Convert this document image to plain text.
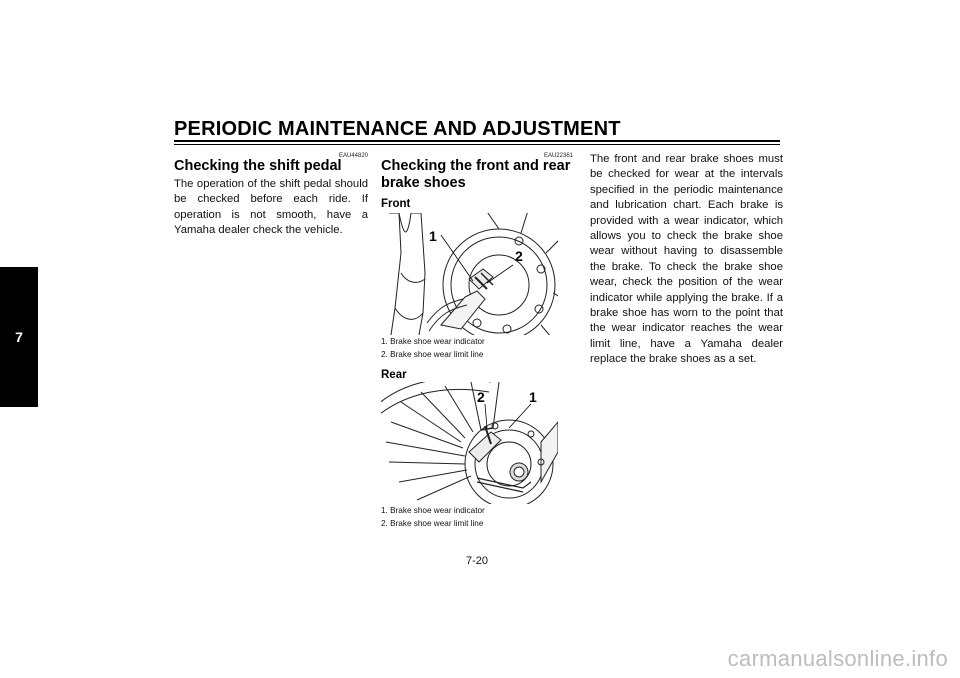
PERIODIC MAINTENANCE AND ADJUSTMENT
7
EAU44820
Checking the shift pedal
The operation of the shift pedal should be checked before each ride. If operation is not smooth, have a Yamaha dealer check the vehicle.
EAU22361
Checking the front and rear
brake shoes
Front
1
2
1. Brake shoe wear indicator
2. Brake shoe wear limit line
Rear
2	1
1. Brake shoe wear indicator
2. Brake shoe wear limit line
The front and rear brake shoes must be checked for wear at the intervals specified in the periodic maintenance and lubrication chart. Each brake is provided with a wear indicator, which allows you to check the brake shoe wear without having to disassemble the brake. To check the brake shoe wear, check the position of the wear indicator while applying the brake. If a brake shoe has worn to the point that the wear indicator reaches the wear limit line, have a Yamaha dealer replace the brake shoes as a set.
7-20
carmanualsonline.info
